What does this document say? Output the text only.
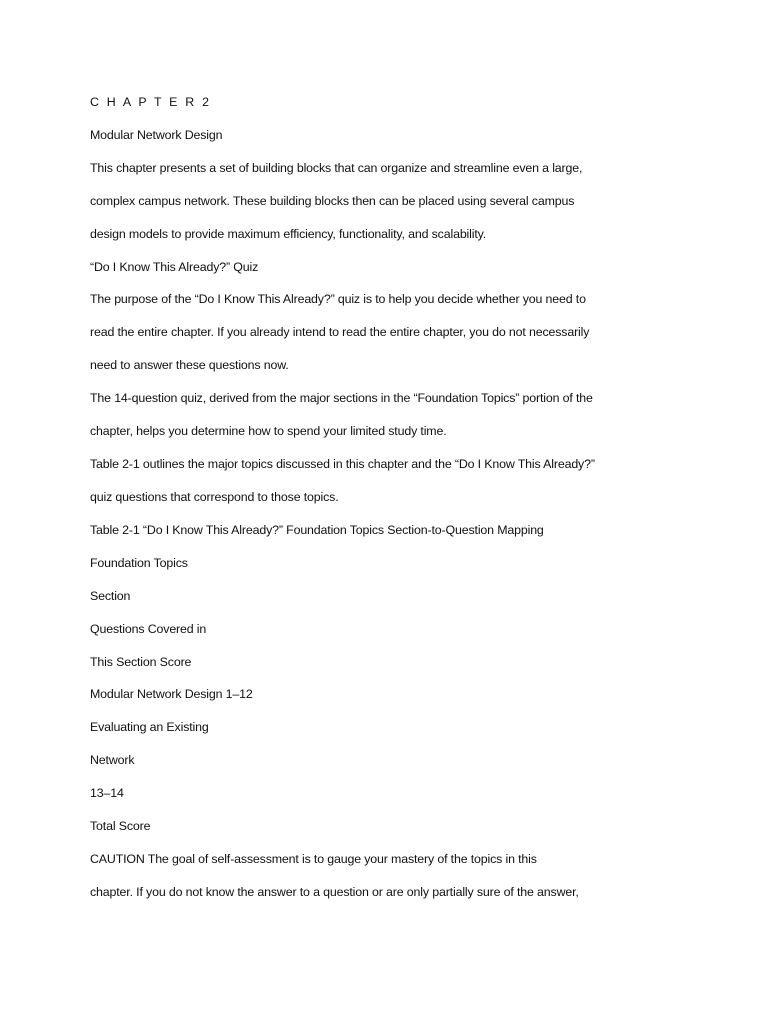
C H A P T E R 2

Modular Network Design

This chapter presents a set of building blocks that can organize and streamline even a large,

complex campus network. These building blocks then can be placed using several campus

design models to provide maximum efficiency, functionality, and scalability.

“Do I Know This Already?” Quiz

The purpose of the “Do I Know This Already?” quiz is to help you decide whether you need to

read the entire chapter. If you already intend to read the entire chapter, you do not necessarily

need to answer these questions now.

The 14-question quiz, derived from the major sections in the “Foundation Topics” portion of the

chapter, helps you determine how to spend your limited study time.

Table 2-1 outlines the major topics discussed in this chapter and the “Do I Know This Already?”

quiz questions that correspond to those topics.

Table 2-1 “Do I Know This Already?” Foundation Topics Section-to-Question Mapping

Foundation Topics

Section

Questions Covered in

This Section Score

Modular Network Design 1–12

Evaluating an Existing

Network

13–14

Total Score

CAUTION The goal of self-assessment is to gauge your mastery of the topics in this

chapter. If you do not know the answer to a question or are only partially sure of the answer,
